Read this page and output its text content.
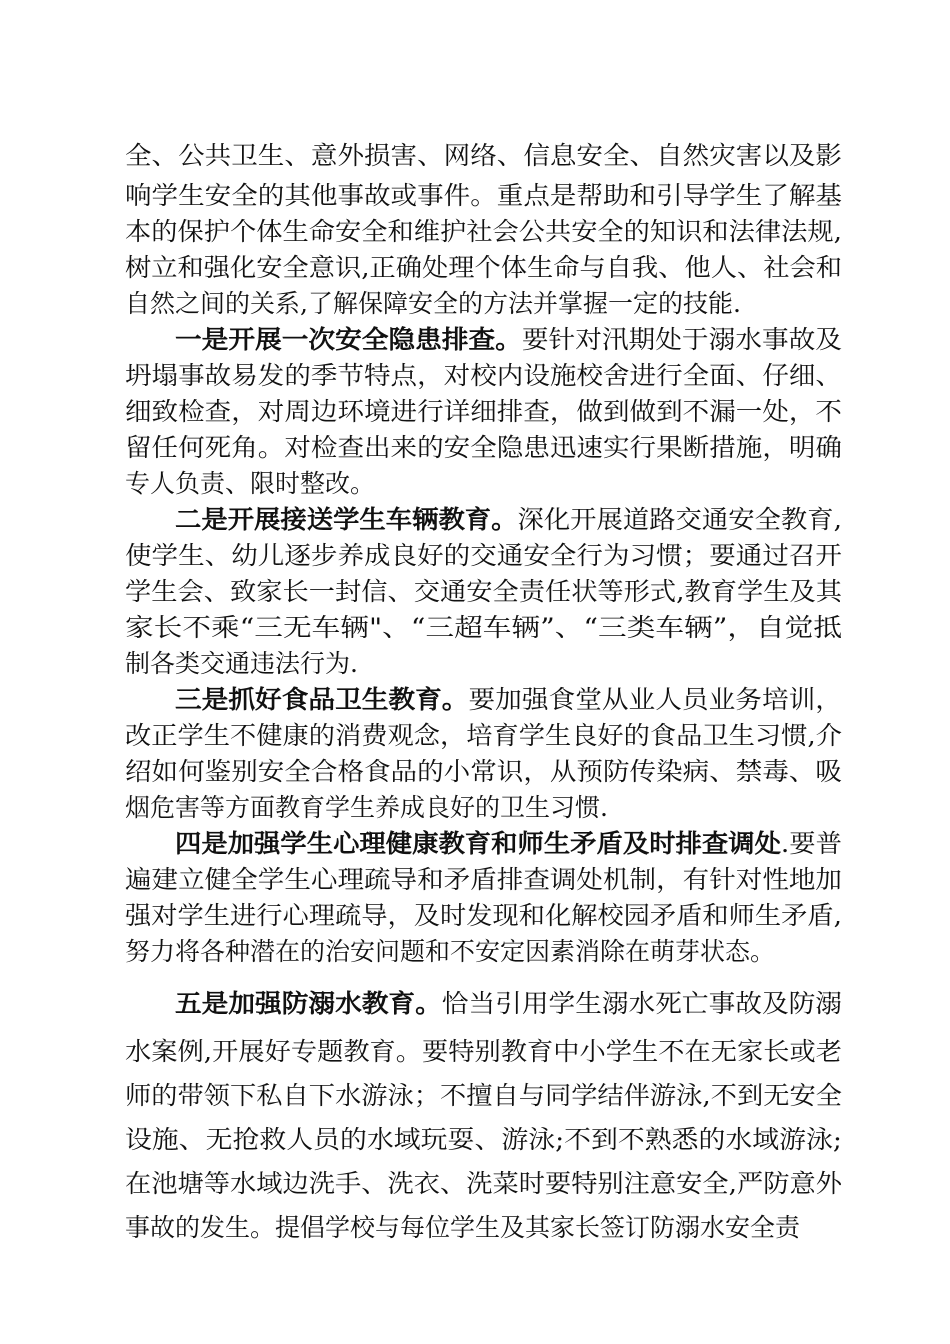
全、公共卫生、意外损害、网络、信息安全、自然灾害以及影
响学生安全的其他事故或事件。重点是帮助和引导学生了解基
本的保护个体生命安全和维护社会公共安全的知识和法律法规,
树立和强化安全意识,正确处理个体生命与自我、他人、社会和
自然之间的关系,了解保障安全的方法并掌握一定的技能.
一是开展一次安全隐患排查。要针对汛期处于溺水事故及
坍塌事故易发的季节特点，对校内设施校舍进行全面、仔细、
细致检查，对周边环境进行详细排查，做到做到不漏一处，不
留任何死角。对检查出来的安全隐患迅速实行果断措施，明确
专人负责、限时整改。
二是开展接送学生车辆教育。深化开展道路交通安全教育,
使学生、幼儿逐步养成良好的交通安全行为习惯；要通过召开
学生会、致家长一封信、交通安全责任状等形式,教育学生及其
家长不乘“三无车辆"、“三超车辆”、“三类车辆”，自觉抵
制各类交通违法行为.
三是抓好食品卫生教育。要加强食堂从业人员业务培训，
改正学生不健康的消费观念，培育学生良好的食品卫生习惯,介
绍如何鉴别安全合格食品的小常识，从预防传染病、禁毒、吸
烟危害等方面教育学生养成良好的卫生习惯.
四是加强学生心理健康教育和师生矛盾及时排查调处.要普
遍建立健全学生心理疏导和矛盾排查调处机制，有针对性地加
强对学生进行心理疏导，及时发现和化解校园矛盾和师生矛盾,
努力将各种潜在的治安问题和不安定因素消除在萌芽状态。
五是加强防溺水教育。恰当引用学生溺水死亡事故及防溺
水案例,开展好专题教育。要特别教育中小学生不在无家长或老
师的带领下私自下水游泳；不擅自与同学结伴游泳,不到无安全
设施、无抢救人员的水域玩耍、游泳;不到不熟悉的水域游泳;
在池塘等水域边洗手、洗衣、洗菜时要特别注意安全,严防意外
事故的发生。提倡学校与每位学生及其家长签订防溺水安全责
